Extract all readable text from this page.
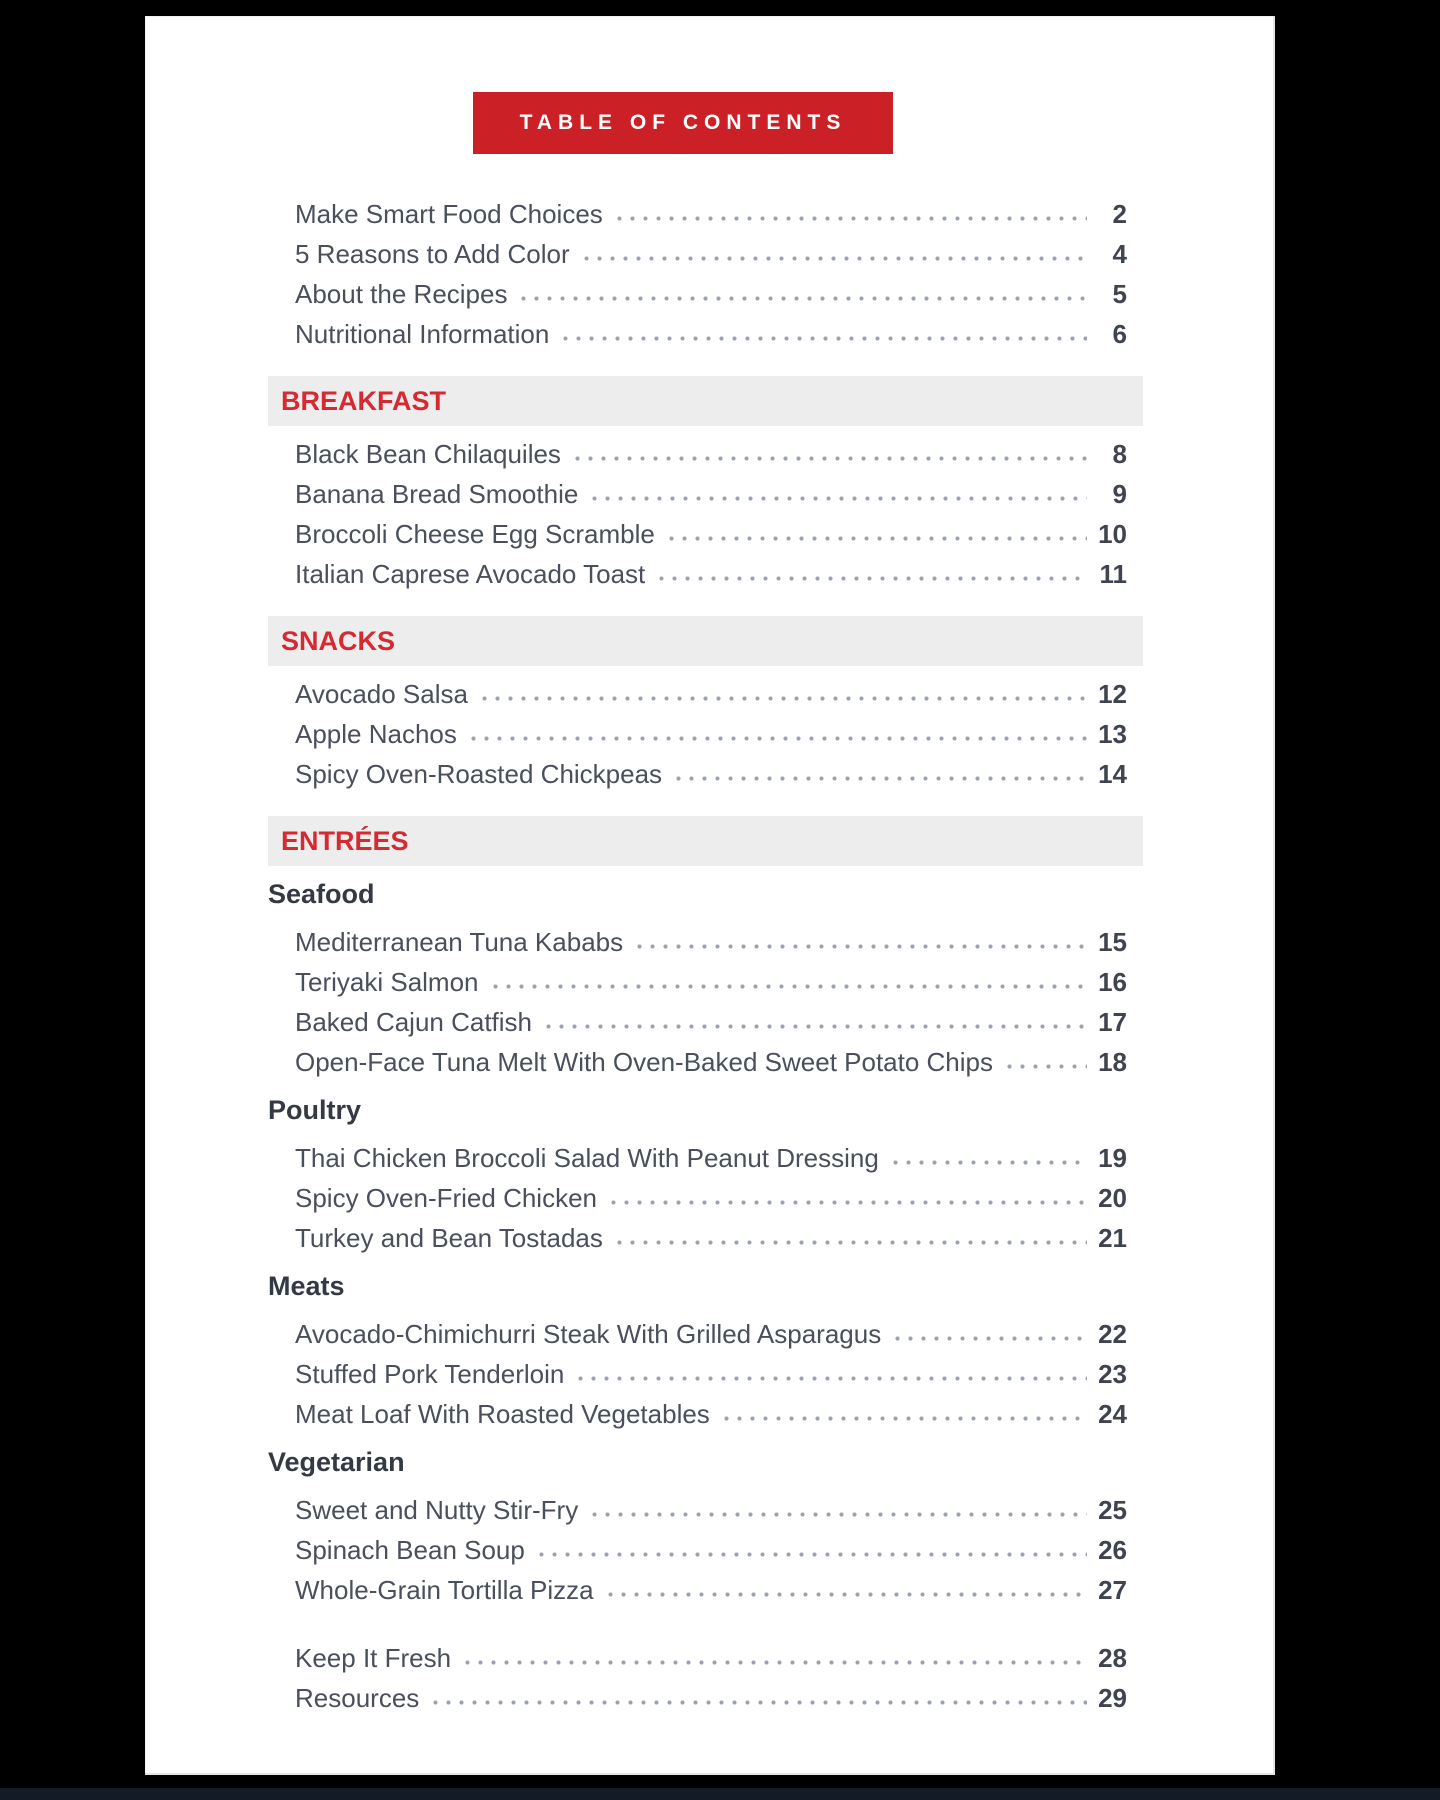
TABLE OF CONTENTS
Make Smart Food Choices	2
5 Reasons to Add Color	4
About the Recipes	5
Nutritional Information	6
BREAKFAST
Black Bean Chilaquiles	8
Banana Bread Smoothie	9
Broccoli Cheese Egg Scramble	10
Italian Caprese Avocado Toast	11
SNACKS
Avocado Salsa	12
Apple Nachos	13
Spicy Oven-Roasted Chickpeas	14
ENTRÉES
Seafood
Mediterranean Tuna Kababs	15
Teriyaki Salmon	16
Baked Cajun Catfish	17
Open-Face Tuna Melt With Oven-Baked Sweet Potato Chips	18
Poultry
Thai Chicken Broccoli Salad With Peanut Dressing	19
Spicy Oven-Fried Chicken	20
Turkey and Bean Tostadas	21
Meats
Avocado-Chimichurri Steak With Grilled Asparagus	22
Stuffed Pork Tenderloin	23
Meat Loaf With Roasted Vegetables	24
Vegetarian
Sweet and Nutty Stir-Fry	25
Spinach Bean Soup	26
Whole-Grain Tortilla Pizza	27
Keep It Fresh	28
Resources	29
